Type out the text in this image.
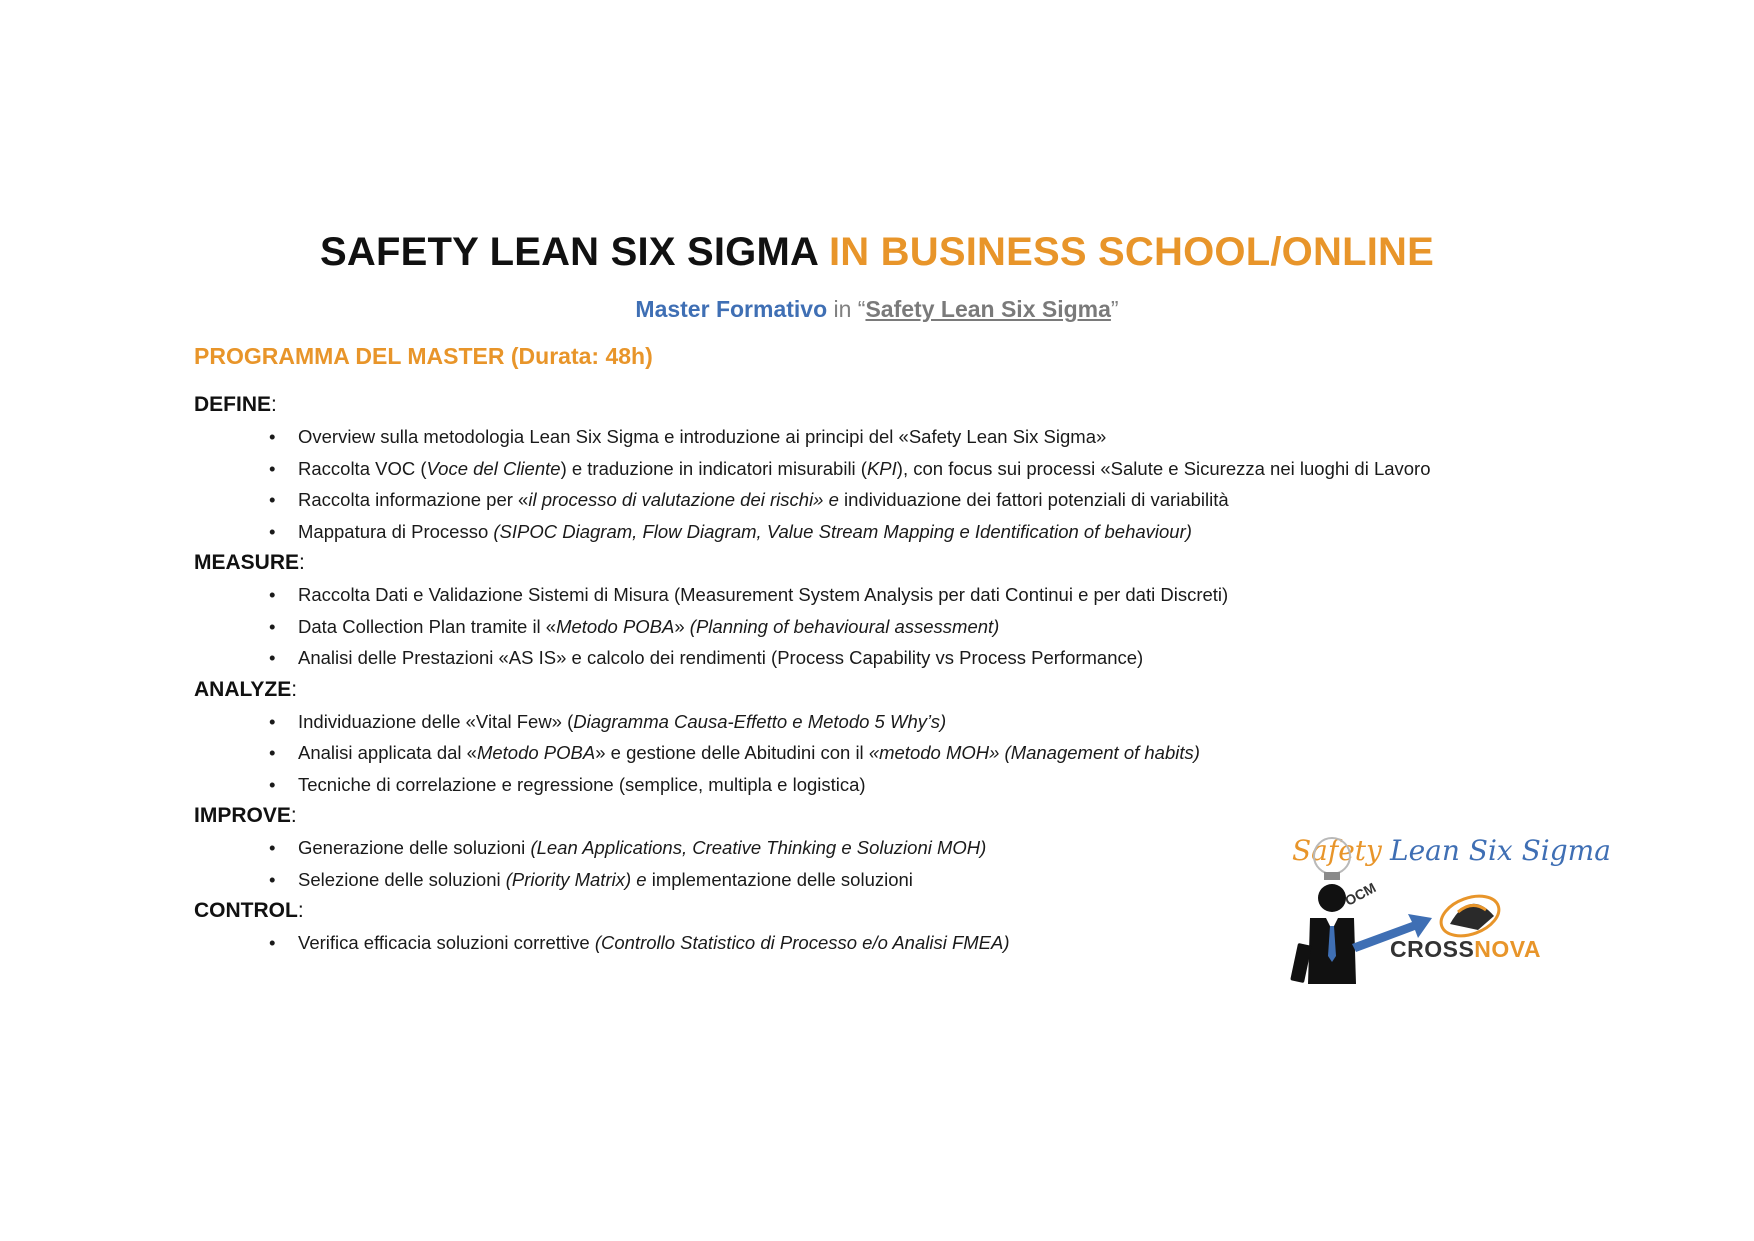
SAFETY LEAN SIX SIGMA IN BUSINESS SCHOOL/ONLINE
Master Formativo in “Safety Lean Six Sigma”
PROGRAMMA DEL MASTER (Durata: 48h)
DEFINE:
• Overview sulla metodologia Lean Six Sigma e introduzione ai principi del «Safety Lean Six Sigma»
• Raccolta VOC (Voce del Cliente) e traduzione in indicatori misurabili (KPI), con focus sui processi «Salute e Sicurezza nei luoghi di Lavoro
• Raccolta informazione per «il processo di valutazione dei rischi» e individuazione dei fattori potenziali di variabilità
• Mappatura di Processo (SIPOC Diagram, Flow Diagram, Value Stream Mapping e Identification of behaviour)
MEASURE:
• Raccolta Dati e Validazione Sistemi di Misura (Measurement System Analysis per dati Continui e per dati Discreti)
• Data Collection Plan tramite il «Metodo POBA» (Planning of behavioural assessment)
• Analisi delle Prestazioni «AS IS» e calcolo dei rendimenti (Process Capability vs Process Performance)
ANALYZE:
• Individuazione delle «Vital Few» (Diagramma Causa-Effetto e Metodo 5 Why’s)
• Analisi applicata dal «Metodo POBA» e gestione delle Abitudini con il «metodo MOH» (Management of habits)
• Tecniche di correlazione e regressione (semplice, multipla e logistica)
IMPROVE:
• Generazione delle soluzioni (Lean Applications, Creative Thinking e Soluzioni MOH)
• Selezione delle soluzioni (Priority Matrix) e implementazione delle soluzioni
CONTROL:
• Verifica efficacia soluzioni correttive (Controllo Statistico di Processo e/o Analisi FMEA)
Safety Lean Six Sigma
OCM
CROSSNOVA
